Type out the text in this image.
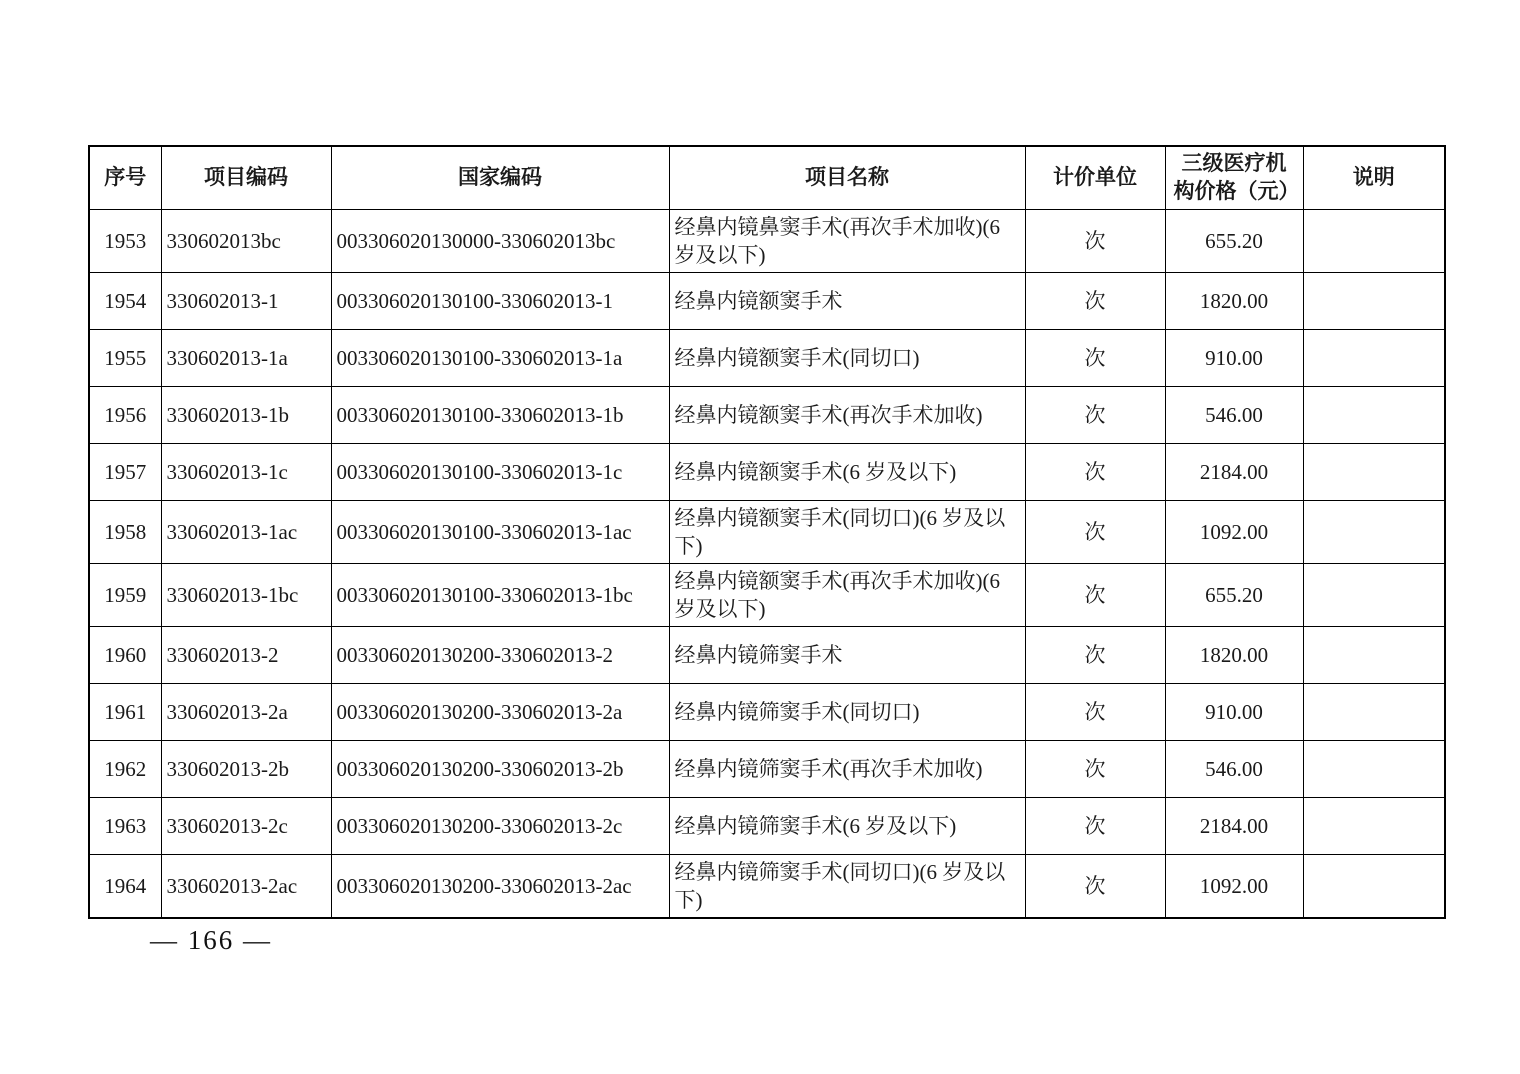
序号	项目编码	国家编码	项目名称	计价单位	三级医疗机构价格（元）	说明
1953	330602013bc	003306020130000-330602013bc	经鼻内镜鼻窦手术(再次手术加收)(6 岁及以下)	次	655.20	
1954	330602013-1	003306020130100-330602013-1	经鼻内镜额窦手术	次	1820.00	
1955	330602013-1a	003306020130100-330602013-1a	经鼻内镜额窦手术(同切口)	次	910.00	
1956	330602013-1b	003306020130100-330602013-1b	经鼻内镜额窦手术(再次手术加收)	次	546.00	
1957	330602013-1c	003306020130100-330602013-1c	经鼻内镜额窦手术(6 岁及以下)	次	2184.00	
1958	330602013-1ac	003306020130100-330602013-1ac	经鼻内镜额窦手术(同切口)(6 岁及以下)	次	1092.00	
1959	330602013-1bc	003306020130100-330602013-1bc	经鼻内镜额窦手术(再次手术加收)(6 岁及以下)	次	655.20	
1960	330602013-2	003306020130200-330602013-2	经鼻内镜筛窦手术	次	1820.00	
1961	330602013-2a	003306020130200-330602013-2a	经鼻内镜筛窦手术(同切口)	次	910.00	
1962	330602013-2b	003306020130200-330602013-2b	经鼻内镜筛窦手术(再次手术加收)	次	546.00	
1963	330602013-2c	003306020130200-330602013-2c	经鼻内镜筛窦手术(6 岁及以下)	次	2184.00	
1964	330602013-2ac	003306020130200-330602013-2ac	经鼻内镜筛窦手术(同切口)(6 岁及以下)	次	1092.00	
— 166 —
